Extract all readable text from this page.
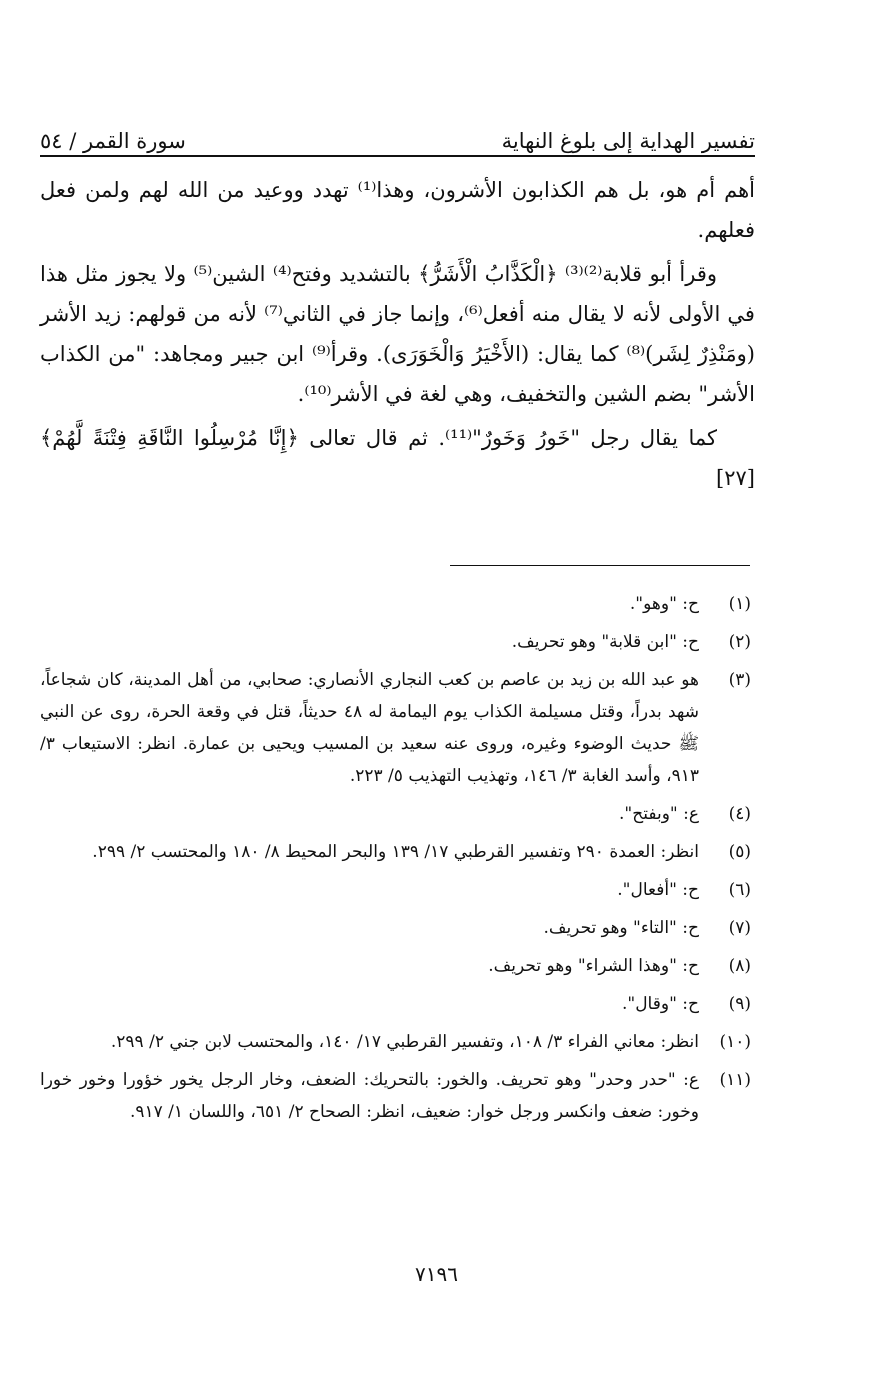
تفسير الهداية إلى بلوغ النهاية
سورة القمر / ٥٤

أهم أم هو، بل هم الكذابون الأشرون، وهذا⁽¹⁾ تهدد ووعيد من الله لهم ولمن فعل فعلهم.

وقرأ أبو قلابة⁽²⁾⁽³⁾ ﴿الْكَذَّابُ الْأَشَرُّ﴾ بالتشديد وفتح⁽⁴⁾ الشين⁽⁵⁾ ولا يجوز مثل هذا في الأولى لأنه لا يقال منه أفعل⁽⁶⁾، وإنما جاز في الثاني⁽⁷⁾ لأنه من قولهم: زيد الأشر (ومَنْذِرٌ لِشَر)⁽⁸⁾ كما يقال: (الأَخْيَرُ وَالْخَوَرَى). وقرأ⁽⁹⁾ ابن جبير ومجاهد: "من الكذاب الأشر" بضم الشين والتخفيف، وهي لغة في الأشر⁽¹⁰⁾.

كما يقال رجل "خَورُ وَخَورٌ"⁽¹¹⁾. ثم قال تعالى ﴿إِنَّا مُرْسِلُوا النَّاقَةِ فِتْنَةً لَّهُمْ﴾ [٢٧]

(١)
ح: "وهو".
(٢)
ح: "ابن قلابة" وهو تحريف.
(٣)
هو عبد الله بن زيد بن عاصم بن كعب النجاري الأنصاري: صحابي، من أهل المدينة، كان شجاعاً، شهد بدراً، وقتل مسيلمة الكذاب يوم اليمامة له ٤٨ حديثاً، قتل في وقعة الحرة، روى عن النبي ﷺ حديث الوضوء وغيره، وروى عنه سعيد بن المسيب ويحيى بن عمارة. انظر: الاستيعاب ٣/ ٩١٣، وأسد الغابة ٣/ ١٤٦، وتهذيب التهذيب ٥/ ٢٢٣.
(٤)
ع: "وبفتح".
(٥)
انظر: العمدة ٢٩٠ وتفسير القرطبي ١٧/ ١٣٩ والبحر المحيط ٨/ ١٨٠ والمحتسب ٢/ ٢٩٩.
(٦)
ح: "أفعال".
(٧)
ح: "التاء" وهو تحريف.
(٨)
ح: "وهذا الشراء" وهو تحريف.
(٩)
ح: "وقال".
(١٠)
انظر: معاني الفراء ٣/ ١٠٨، وتفسير القرطبي ١٧/ ١٤٠، والمحتسب لابن جني ٢/ ٢٩٩.
(١١)
ع: "حدر وحدر" وهو تحريف. والخور: بالتحريك: الضعف، وخار الرجل يخور خؤورا وخور خورا وخور: ضعف وانكسر ورجل خوار: ضعيف، انظر: الصحاح ٢/ ٦٥١، واللسان ١/ ٩١٧.
٧١٩٦
